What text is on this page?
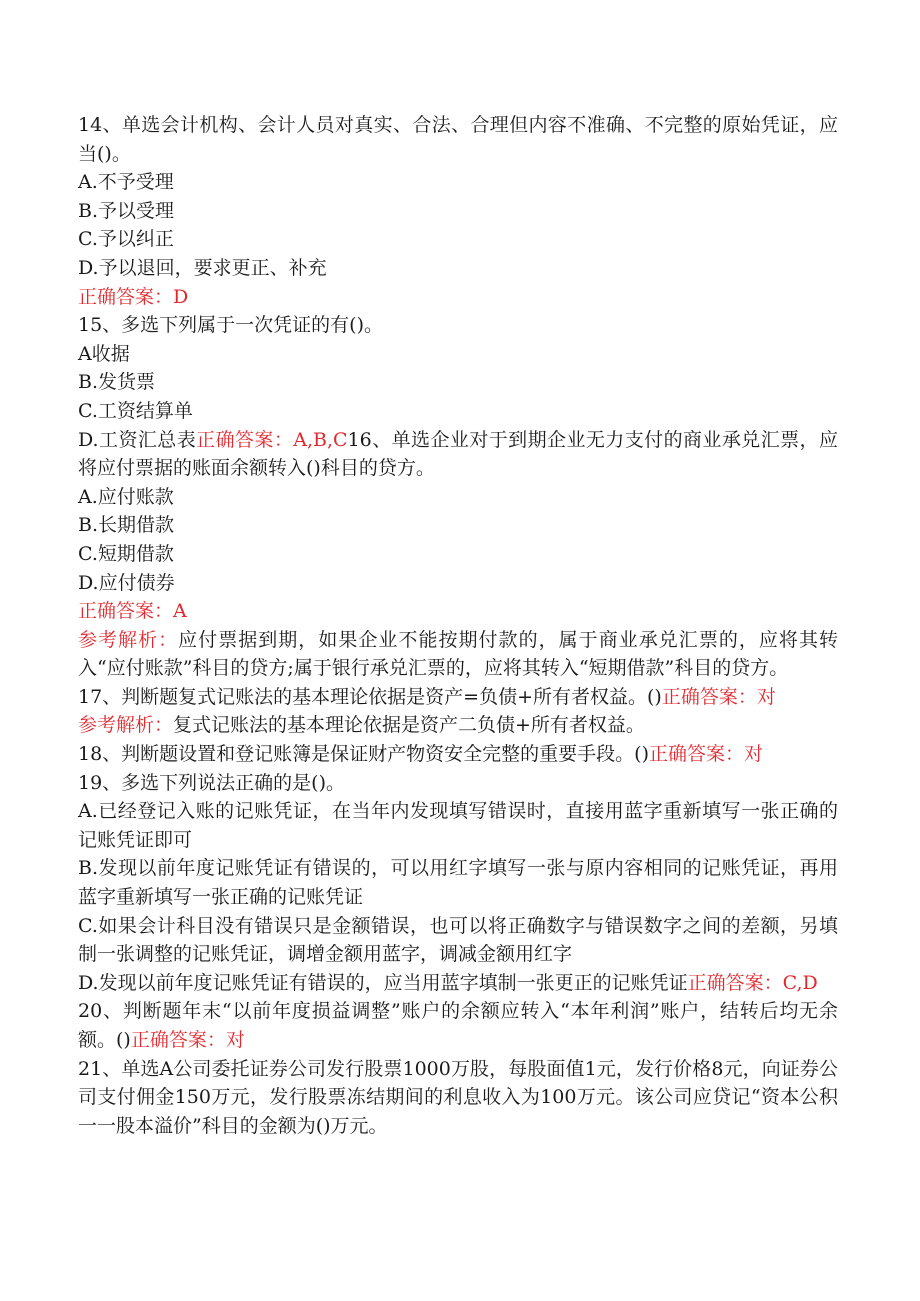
14、单选会计机构、会计人员对真实、合法、合理但内容不准确、不完整的原始凭证，应当()。
A.不予受理
B.予以受理
C.予以纠正
D.予以退回，要求更正、补充
正确答案：D
15、多选下列属于一次凭证的有()。
A收据
B.发货票
C.工资结算单
D.工资汇总表正确答案：A,B,C16、单选企业对于到期企业无力支付的商业承兑汇票，应将应付票据的账面余额转入()科目的贷方。
A.应付账款
B.长期借款
C.短期借款
D.应付债券
正确答案：A
参考解析：应付票据到期，如果企业不能按期付款的，属于商业承兑汇票的，应将其转入“应付账款”科目的贷方;属于银行承兑汇票的，应将其转入“短期借款”科目的贷方。
17、判断题复式记账法的基本理论依据是资产=负债+所有者权益。()正确答案：对
参考解析：复式记账法的基本理论依据是资产二负债+所有者权益。
18、判断题设置和登记账簿是保证财产物资安全完整的重要手段。()正确答案：对
19、多选下列说法正确的是()。
A.已经登记入账的记账凭证，在当年内发现填写错误时，直接用蓝字重新填写一张正确的记账凭证即可
B.发现以前年度记账凭证有错误的，可以用红字填写一张与原内容相同的记账凭证，再用蓝字重新填写一张正确的记账凭证
C.如果会计科目没有错误只是金额错误，也可以将正确数字与错误数字之间的差额，另填制一张调整的记账凭证，调增金额用蓝字，调减金额用红字
D.发现以前年度记账凭证有错误的，应当用蓝字填制一张更正的记账凭证正确答案：C,D
20、判断题年末“以前年度损益调整”账户的余额应转入“本年利润”账户，结转后均无余额。()正确答案：对
21、单选A公司委托证券公司发行股票1000万股，每股面值1元，发行价格8元，向证券公司支付佣金150万元，发行股票冻结期间的利息收入为100万元。该公司应贷记“资本公积一一股本溢价”科目的金额为()万元。
